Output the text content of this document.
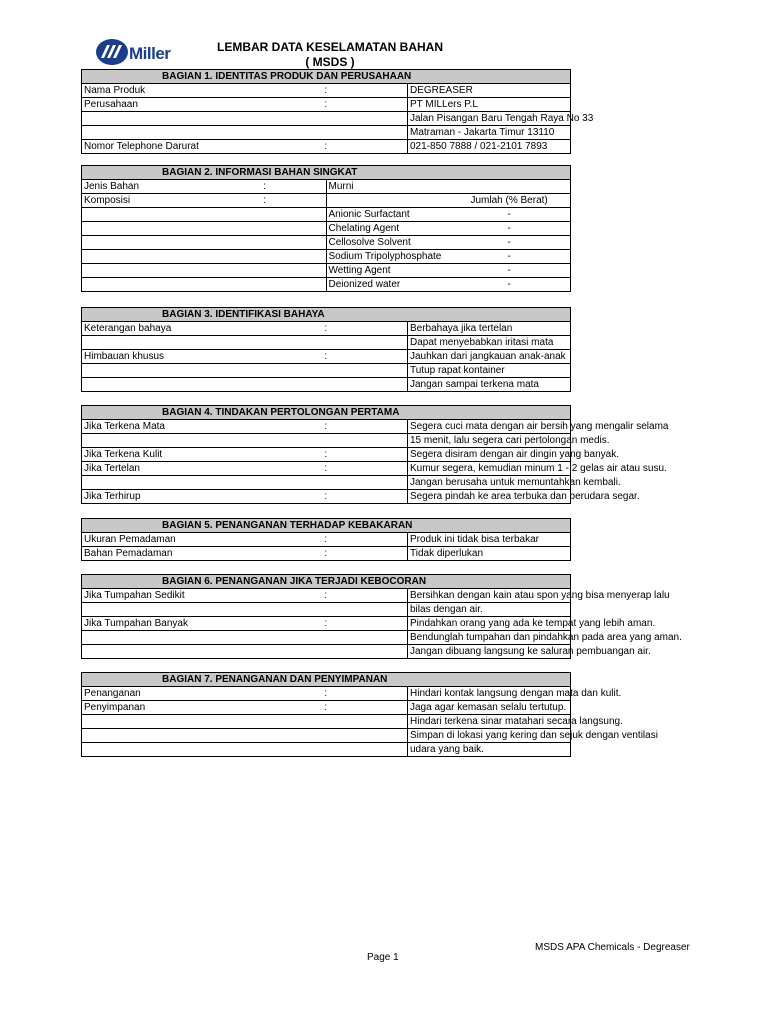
Miller	LEMBAR DATA KESELAMATAN BAHAN
( MSDS )
BAGIAN 1. IDENTITAS PRODUK DAN PERUSAHAAN		
Nama Produk	:	DEGREASER
Perusahaan	:	PT MILLers P.L
		Jalan Pisangan Baru Tengah Raya No 33
		Matraman - Jakarta Timur 13110
Nomor Telephone Darurat	:	021-850 7888 / 021-2101 7893
BAGIAN 2. INFORMASI BAHAN SINGKAT			
Jenis Bahan	:	Murni	
Komposisi	:		Jumlah (% Berat)
		Anionic Surfactant	-
		Chelating Agent	-
		Cellosolve Solvent	-
		Sodium Tripolyphosphate	-
		Wetting Agent	-
		Deionized water	-
BAGIAN 3. IDENTIFIKASI BAHAYA		
Keterangan bahaya	:	Berbahaya jika tertelan
		Dapat menyebabkan iritasi mata
Himbauan khusus	:	Jauhkan dari jangkauan anak-anak
		Tutup rapat kontainer
		Jangan sampai terkena mata
BAGIAN 4. TINDAKAN PERTOLONGAN PERTAMA		
Jika Terkena Mata	:	Segera cuci mata dengan air bersih yang mengalir selama
		15 menit, lalu segera cari pertolongan medis.
Jika Terkena Kulit	:	Segera disiram dengan air dingin yang banyak.
Jika Tertelan	:	Kumur segera, kemudian minum 1 - 2 gelas air atau susu.
		Jangan berusaha untuk memuntahkan kembali.
Jika Terhirup	:	Segera pindah ke area terbuka dan berudara segar.
BAGIAN 5. PENANGANAN TERHADAP KEBAKARAN		
Ukuran Pemadaman	:	Produk ini tidak bisa terbakar
Bahan Pemadaman	:	Tidak diperlukan
BAGIAN 6. PENANGANAN JIKA TERJADI KEBOCORAN		
Jika Tumpahan Sedikit	:	Bersihkan dengan kain atau spon yang bisa menyerap lalu
		bilas dengan air.
Jika Tumpahan Banyak	:	Pindahkan orang yang ada ke tempat yang lebih aman.
		Bendunglah tumpahan dan pindahkan pada area yang aman.
		Jangan dibuang langsung ke saluran pembuangan air.
BAGIAN 7. PENANGANAN DAN PENYIMPANAN		
Penanganan	:	Hindari kontak langsung dengan mata dan kulit.
Penyimpanan	:	Jaga agar kemasan selalu tertutup.
		Hindari terkena sinar matahari secara langsung.
		Simpan di lokasi yang kering dan sejuk dengan ventilasi
		udara yang baik.
MSDS APA Chemicals - Degreaser
Page 1
